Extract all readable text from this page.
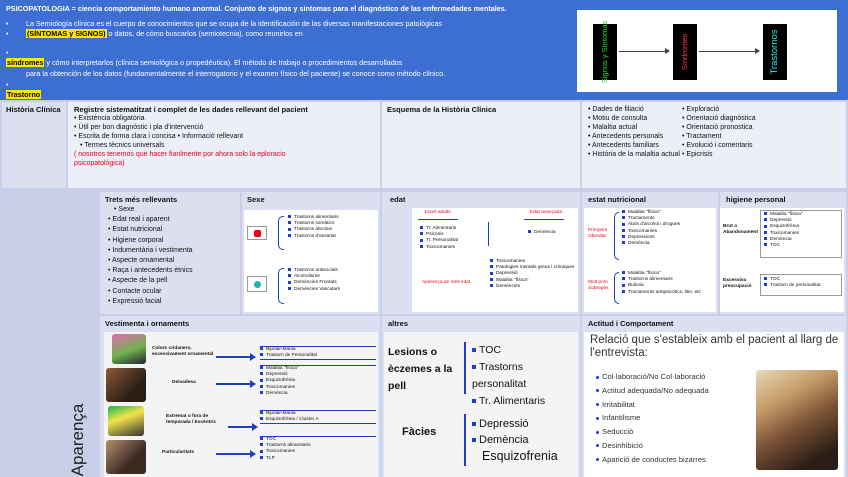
PSICOPATOLOGIA = ciencia comportamiento humano anormal. Conjunto de signos y síntomas para el diagnóstico de las enfermedades mentales.
• La Semiología clínica es el cuerpo de conocimientos que se ocupa de la identificación de las diversas manifestaciones patológicas
•	(SÍNTOMAS y SIGNOS) o datos, de cómo buscarlos (semiotecnia), como reunirlos en
•
síndromes y cómo interpretarlos (clínica semiológica o propedéutica). El método de trabajo o procedimientos desarrollados
para la obtención de los datos (fundamentalmente el interrogatorio y el examen físico del paciente) se conoce como método clínico.
•
Trastorno
Signos y Síntomas	Síndromes	Trastornos
Història Clínica	Registre sistematitzat i complet de les dades rellevant del pacient
• Existència obligatòria
• Útil per bon diagnòstic i pla d'intervenció
• Escrita de forma clara i concisa • Informació rellevant
• Termes tècnics universals
( nosotros tenemos que hacer fianlmente por ahora solo la eploracio psicopatológica)
Esquema de la Història Clínica	• Dades de filiació
• Motiu de consulta
• Malaltia actual
• Antecedents personals
• Antecedents familiars
• Història de la malaltia actual
• Exploració
• Orientació diagnòstica
• Orientació pronostica
• Tractament
• Evolució i comentaris
• Epicrisis
Aparença
Trets més rellevants
• Sexe
• Edat real i aparent
• Estat nutricional
• Higiene corporal
• Indumentària i vestimenta
• Aspecte ornamental
• Raça i antecedents ètnics
• Aspecte de la pell
• Contacte ocular
• Expressió facial
Sexe
Trastorns alimentaris
Trastorns somàtics
Trastorns afectius
Trastorns d'ansietat
Trastorns antisocials
Alcoholisme
Demències Frontals
Demències Vasculars
edat
Joves adults	Edat avançada
Tr. Alimentaris
Psicosis
Tr. Personalitat
Toxicomanies
Demència
Aparença de més edat
Toxicomanies
Patologies mentals greus i cròniques
Depressió
Malaltia "física"
Demències
estat nutricional
Primprim Obesitat
Malaltia "física"
Tractaments
Abús d'alcohol i drogues
Toxicomanies
Depressions
Demència
Molt prim Sobrepès
Malaltia "física"
Trastorns alimentaris
Bulimia
Tractaments antipsicòtics, litio, etc
higiene personal
Brut o Abandonament
Malaltia "física"
Depressió
Esquizofrènia
Toxicomanies
Demència
TOC
Excessiva preocupació
TOC
Trastorn de personalitat
Vestimenta i ornaments
Colors cridaners, excessivament ornamental
Bipolar-Mania
Trastorn de Personalitat
Deixadesa
Malaltia "física"
Depressió
Esquizofrènia
Toxicomanies
Demència
Extremat o fora de temporada / Excèntric
Bipolar-Mania
Esquizofrènia / Cluster A
Particularitats
TOC
Trastorns alimentaris
Toxicomanies
TLP
altres
Lesions o èczemes a la pell
TOC
Trastorns personalitat
Tr. Alimentaris
Fàcies
Depressió
Demència
Esquizofrenia
Actitud i Comportament
Relació que s'estableix amb el pacient al llarg de l'entrevista:
Col·laboració/No Col·laboració
Actitud adequada/No adequada
Irritabilitat
Infantilisme
Seducció
Desinhibició
Aparició de conductes bizarres
